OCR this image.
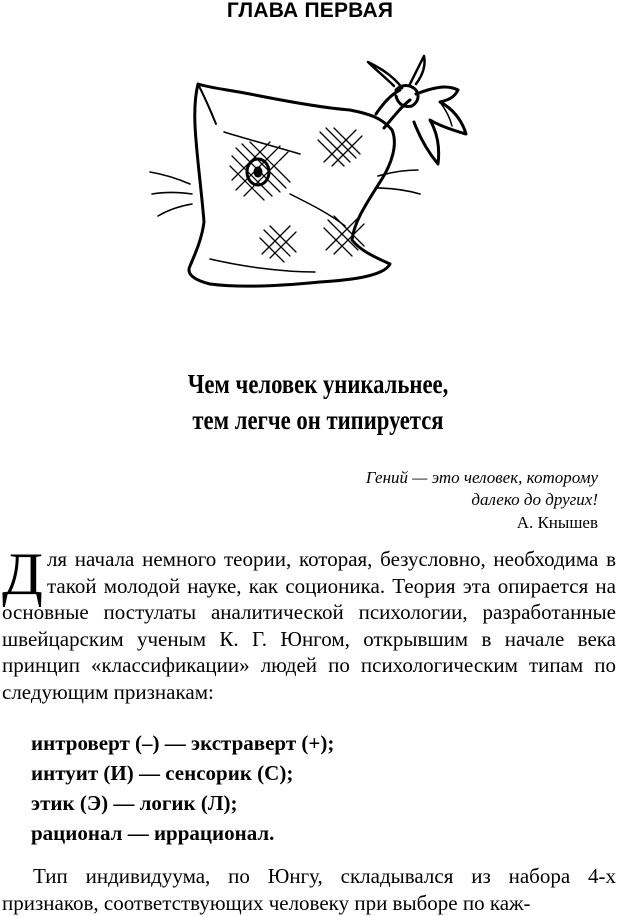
ГЛАВА ПЕРВАЯ
Чем человек уникальнее,
тем легче он типируется
Гений — это человек, которому
далеко до других!
А. Кнышев
Д ля начала немного теории, которая, безусловно, необходима в такой молодой науке, как соционика. Теория эта опирается на основные постулаты аналитической психологии, разработанные швейцарским ученым К. Г. Юнгом, открывшим в начале века принцип «классификации» людей по психологическим типам по следующим признакам:
интроверт (–) — экстраверт (+);
интуит (И) — сенсорик (С);
этик (Э) — логик (Л);
рационал — иррационал.
Тип индивидуума, по Юнгу, складывался из набора 4-х признаков, соответствующих человеку при выборе по каж-
